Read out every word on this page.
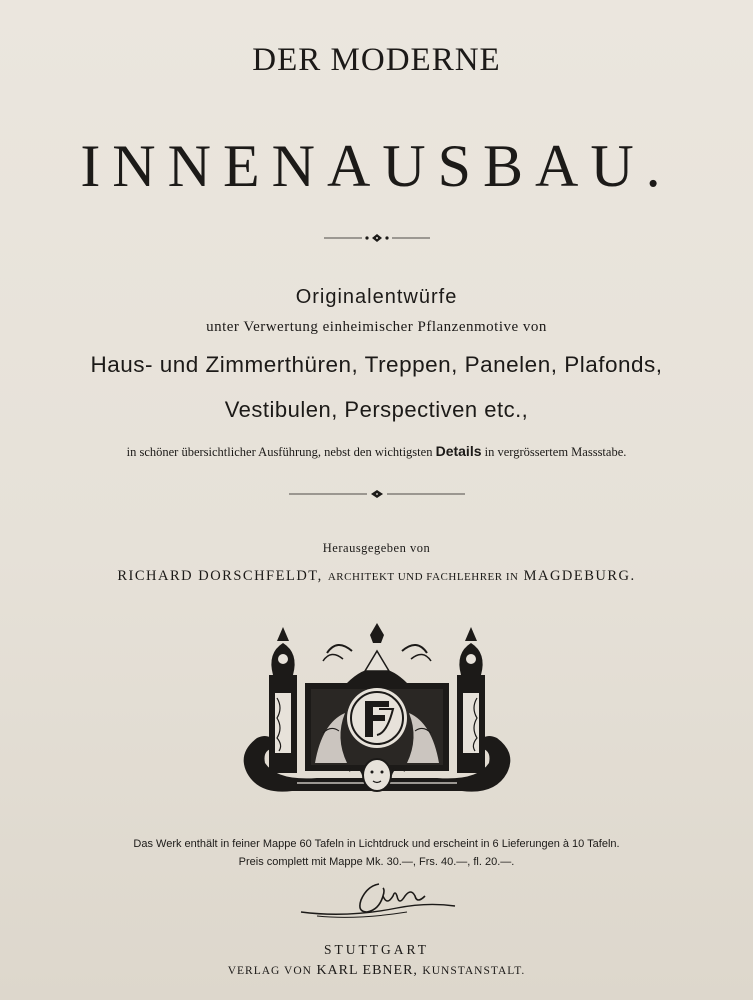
DER MODERNE
INNENAUSBAU.
Originalentwürfe
unter Verwertung einheimischer Pflanzenmotive von
Haus- und Zimmerthüren, Treppen, Panelen, Plafonds,
Vestibulen, Perspectiven etc.,
in schöner übersichtlicher Ausführung, nebst den wichtigsten Details in vergrössertem Massstabe.
Herausgegeben von
RICHARD DORSCHFELDT, ARCHITEKT UND FACHLEHRER IN MAGDEBURG.
Das Werk enthält in feiner Mappe 60 Tafeln in Lichtdruck und erscheint in 6 Lieferungen à 10 Tafeln.
Preis complett mit Mappe Mk. 30.—, Frs. 40.—, fl. 20.—.
STUTTGART
VERLAG VON KARL EBNER, KUNSTANSTALT.
